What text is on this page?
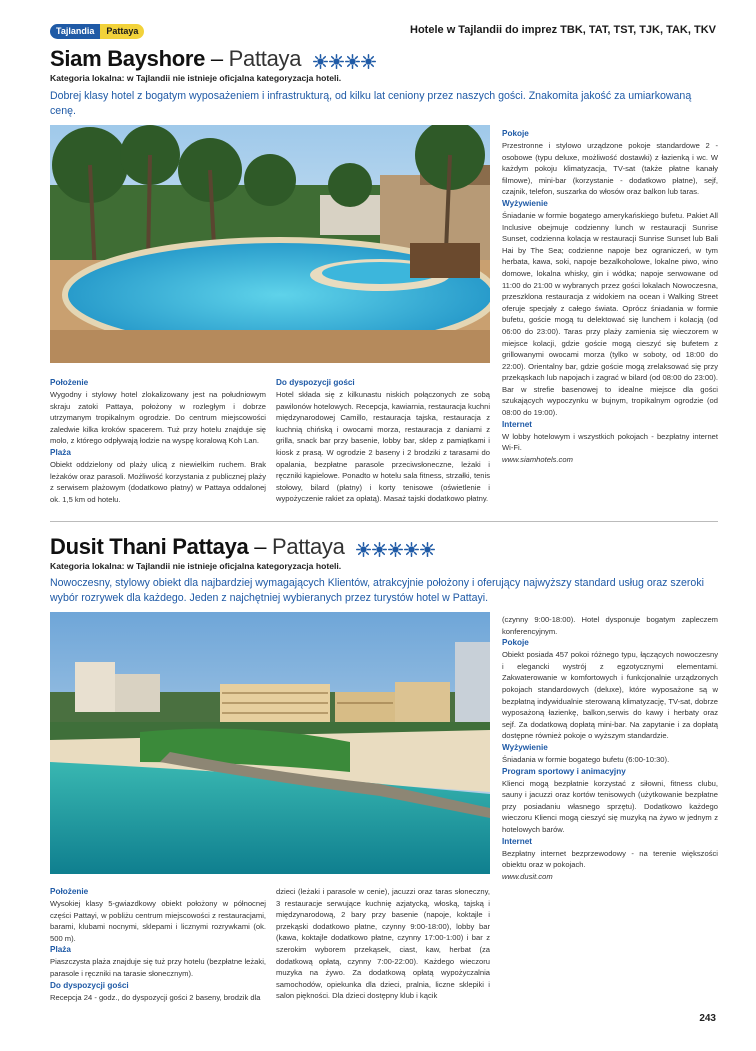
Tajlandia	Pattaya	Hotele w Tajlandii do imprez TBK, TAT, TST, TJK, TAK, TKV
Siam Bayshore – Pattaya
Kategoria lokalna: w Tajlandii nie istnieje oficjalna kategoryzacja hoteli.
Dobrej klasy hotel z bogatym wyposażeniem i infrastrukturą, od kilku lat ceniony przez naszych gości. Znakomita jakość za umiarkowaną cenę.
Położenie

Wygodny i stylowy hotel zlokalizowany jest na południowym skraju zatoki Pattaya, położony w rozległym i dobrze utrzymanym tropikalnym ogrodzie. Do centrum miejscowości zaledwie kilka kroków spacerem. Tuż przy hotelu znajduje się molo, z którego odpływają łodzie na wyspę koralową Koh Lan.

Plaża

Obiekt oddzielony od plaży ulicą z niewielkim ruchem. Brak leżaków oraz parasoli. Możliwość korzystania z publicznej plaży z serwisem plażowym (dodatkowo płatny) w Pattaya oddalonej ok. 1,5 km od hotelu.

Do dyspozycji gości

Hotel składa się z kilkunastu niskich połączonych ze sobą pawilonów hotelowych. Recepcja, kawiarnia, restauracja kuchni międzynarodowej Camillo, restauracja tajska, restauracja z kuchnią chińską i owocami morza, restauracja z daniami z grilla, snack bar przy basenie, lobby bar, sklep z pamiątkami i kiosk z prasą. W ogrodzie 2 baseny i 2 brodziki z tarasami do opalania, bezpłatne parasole przeciwsłoneczne, leżaki i ręczniki kąpielowe. Ponadto w hotelu sala fitness, strzałki, tenis stołowy, bilard (płatny) i korty tenisowe (oświetlenie i wypożyczenie rakiet za opłatą). Masaż tajski dodatkowo płatny.

Pokoje

Przestronne i stylowo urządzone pokoje standardowe 2 - osobowe (typu deluxe, możliwość dostawki) z łazienką i wc. W każdym pokoju klimatyzacja, TV-sat (także płatne kanały filmowe), mini-bar (korzystanie - dodatkowo płatne), sejf, czajnik, telefon, suszarka do włosów oraz balkon lub taras.

Wyżywienie

Śniadanie w formie bogatego amerykańskiego bufetu. Pakiet All Inclusive obejmuje codzienny lunch w restauracji Sunrise Sunset, codzienna kolacja w restauracji Sunrise Sunset lub Bali Hai by The Sea; codzienne napoje bez ograniczeń, w tym herbata, kawa, soki, napoje bezalkoholowe, lokalne piwo, wino domowe, lokalna whisky, gin i wódka; napoje serwowane od 11:00 do 21:00 w wybranych przez gości lokalach Nowoczesna, przeszklona restauracja z widokiem na ocean i Walking Street oferuje specjały z całego świata. Oprócz śniadania w formie bufetu, goście mogą tu delektować się lunchem i kolacją (od 06:00 do 23:00). Taras przy plaży zamienia się wieczorem w miejsce kolacji, gdzie goście mogą cieszyć się bufetem z grillowanymi owocami morza (tylko w soboty, od 18:00 do 22:00). Orientalny bar, gdzie goście mogą zrelaksować się przy przekąskach lub napojach i zagrać w bilard (od 08:00 do 23:00). Bar w strefie basenowej to idealne miejsce dla gości szukających wypoczynku w bujnym, tropikalnym ogrodzie (od 08:00 do 19:00).

Internet

W lobby hotelowym i wszystkich pokojach - bezpłatny internet Wi-Fi.

www.siamhotels.com

Dusit Thani Pattaya – Pattaya
Kategoria lokalna: w Tajlandii nie istnieje oficjalna kategoryzacja hoteli.
Nowoczesny, stylowy obiekt dla najbardziej wymagających Klientów, atrakcyjnie położony i oferujący najwyższy standard usług oraz szeroki wybór rozrywek dla każdego. Jeden z najchętniej wybieranych przez turystów hotel w Pattayi.
Położenie

Wysokiej klasy 5-gwiazdkowy obiekt położony w północnej części Pattayi, w pobliżu centrum miejscowości z restauracjami, barami, klubami nocnymi, sklepami i licznymi rozrywkami (ok. 500 m).

Plaża

Piaszczysta plaża znajduje się tuż przy hotelu (bezpłatne leżaki, parasole i ręczniki na tarasie słonecznym).

Do dyspozycji gości

Recepcja 24 - godz., do dyspozycji gości 2 baseny, brodzik dla

dzieci (leżaki i parasole w cenie), jacuzzi oraz taras słoneczny, 3 restauracje serwujące kuchnię azjatycką, włoską, tajską i międzynarodową, 2 bary przy basenie (napoje, koktajle i przekąski dodatkowo płatne, czynny 9:00-18:00), lobby bar (kawa, koktajle dodatkowo płatne, czynny 17:00-1:00) i bar z szerokim wyborem przekąsek, ciast, kaw, herbat (za dodatkową opłatą, czynny 7:00-22:00). Każdego wieczoru muzyka na żywo. Za dodatkową opłatą wypożyczalnia samochodów, opiekunka dla dzieci, pralnia, liczne sklepiki i salon piękności. Dla dzieci dostępny klub i kącik

(czynny 9:00-18:00). Hotel dysponuje bogatym zapleczem konferencyjnym.

Pokoje

Obiekt posiada 457 pokoi różnego typu, łączących nowoczesny i elegancki wystrój z egzotycznymi elementami. Zakwaterowanie w komfortowych i funkcjonalnie urządzonych pokojach standardowych (deluxe), które wyposażone są w bezpłatną indywidualnie sterowaną klimatyzację, TV-sat, dobrze wyposażoną łazienkę, balkon,serwis do kawy i herbaty oraz sejf. Za dodatkową dopłatą mini-bar. Na zapytanie i za dopłatą dostępne również pokoje o wyższym standardzie.

Wyżywienie

Śniadania w formie bogatego bufetu (6:00-10:30).

Program sportowy i animacyjny

Klienci mogą bezpłatnie korzystać z siłowni, fitness clubu, sauny i jacuzzi oraz kortów tenisowych (użytkowanie bezpłatne przy posiadaniu własnego sprzętu). Dodatkowo każdego wieczoru Klienci mogą cieszyć się muzyką na żywo w jednym z hotelowych barów.

Internet

Bezpłatny internet bezprzewodowy - na terenie większości obiektu oraz w pokojach.

www.dusit.com

243
